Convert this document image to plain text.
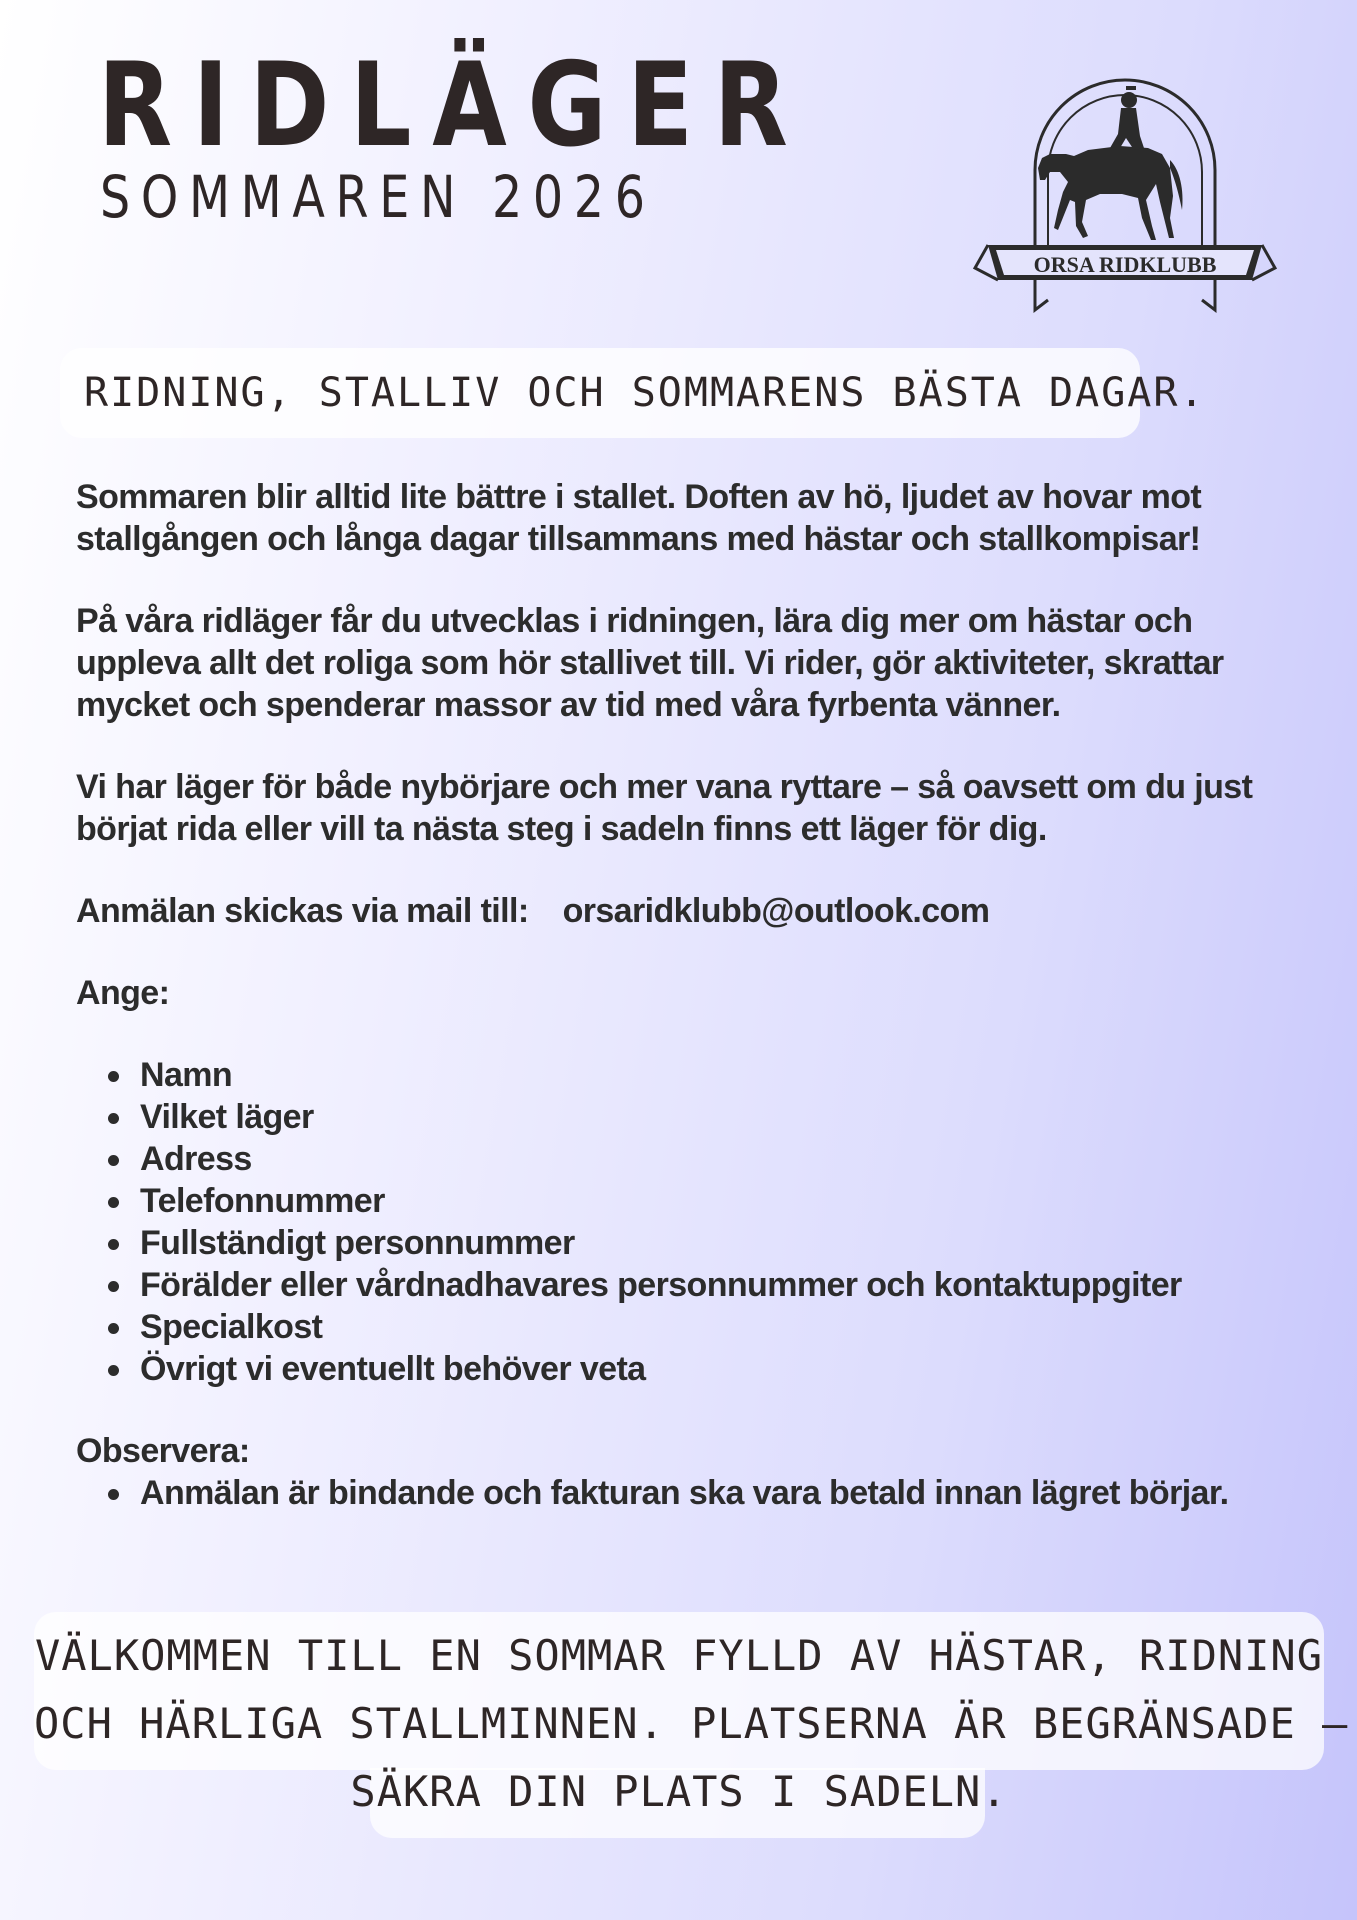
RIDLÄGER
SOMMAREN 2026
ORSA RIDKLUBB
RIDNING, STALLIV OCH SOMMARENS BÄSTA DAGAR.

Sommaren blir alltid lite bättre i stallet. Doften av hö, ljudet av hovar mot stallgången och långa dagar tillsammans med hästar och stallkompisar!

På våra ridläger får du utvecklas i ridningen, lära dig mer om hästar och uppleva allt det roliga som hör stallivet till. Vi rider, gör aktiviteter, skrattar mycket och spenderar massor av tid med våra fyrbenta vänner.

Vi har läger för både nybörjare och mer vana ryttare – så oavsett om du just börjat rida eller vill ta nästa steg i sadeln finns ett läger för dig.

Anmälan skickas via mail till: orsaridklubb@outlook.com

Ange:

Namn
Vilket läger
Adress
Telefonnummer
Fullständigt personnummer
Förälder eller vårdnadhavares personnummer och kontaktuppgiter
Specialkost
Övrigt vi eventuellt behöver veta

Observera:

Anmälan är bindande och fakturan ska vara betald innan lägret börjar.
VÄLKOMMEN TILL EN SOMMAR FYLLD AV HÄSTAR, RIDNING
OCH HÄRLIGA STALLMINNEN. PLATSERNA ÄR BEGRÄNSADE –
SÄKRA DIN PLATS I SADELN.
